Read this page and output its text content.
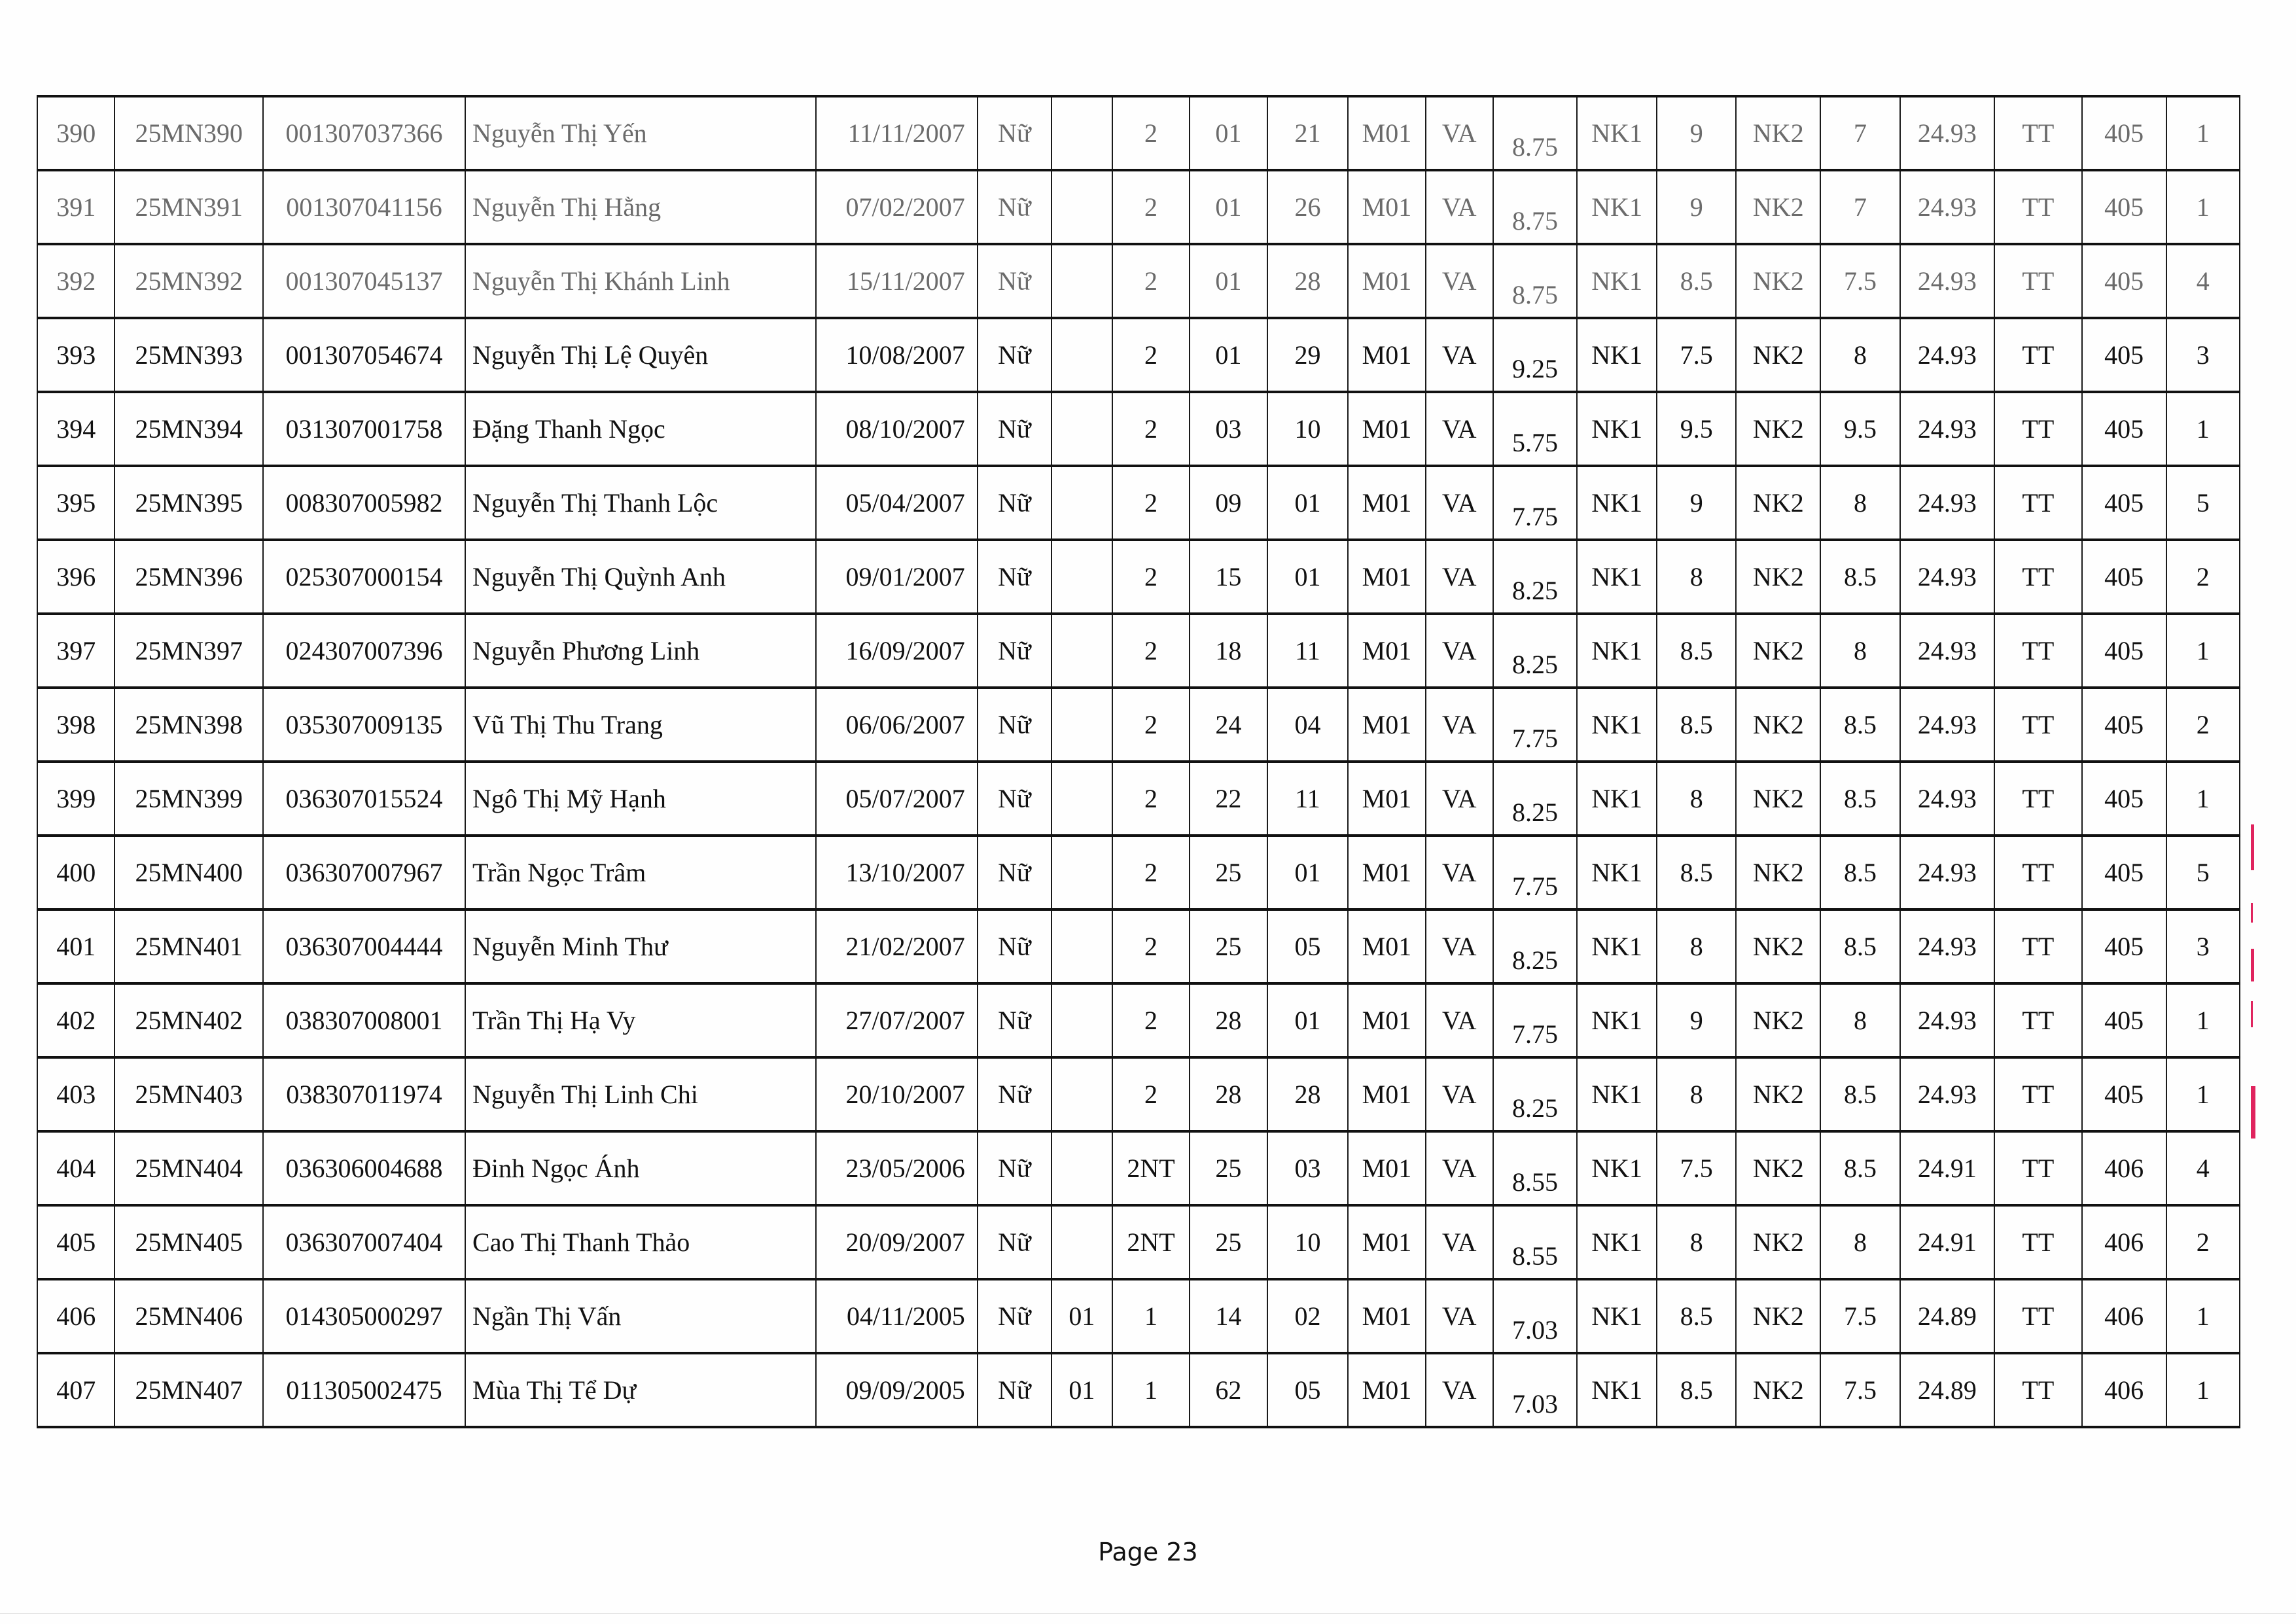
390	25MN390	001307037366	Nguyễn Thị Yến	11/11/2007	Nữ		2	01	21	M01	VA	8.75	NK1	9	NK2	7	24.93	TT	405	1
391	25MN391	001307041156	Nguyễn Thị Hằng	07/02/2007	Nữ		2	01	26	M01	VA	8.75	NK1	9	NK2	7	24.93	TT	405	1
392	25MN392	001307045137	Nguyễn Thị Khánh Linh	15/11/2007	Nữ		2	01	28	M01	VA	8.75	NK1	8.5	NK2	7.5	24.93	TT	405	4
393	25MN393	001307054674	Nguyễn Thị Lệ Quyên	10/08/2007	Nữ		2	01	29	M01	VA	9.25	NK1	7.5	NK2	8	24.93	TT	405	3
394	25MN394	031307001758	Đặng Thanh Ngọc	08/10/2007	Nữ		2	03	10	M01	VA	5.75	NK1	9.5	NK2	9.5	24.93	TT	405	1
395	25MN395	008307005982	Nguyễn Thị Thanh Lộc	05/04/2007	Nữ		2	09	01	M01	VA	7.75	NK1	9	NK2	8	24.93	TT	405	5
396	25MN396	025307000154	Nguyễn Thị Quỳnh Anh	09/01/2007	Nữ		2	15	01	M01	VA	8.25	NK1	8	NK2	8.5	24.93	TT	405	2
397	25MN397	024307007396	Nguyễn Phương Linh	16/09/2007	Nữ		2	18	11	M01	VA	8.25	NK1	8.5	NK2	8	24.93	TT	405	1
398	25MN398	035307009135	Vũ Thị Thu Trang	06/06/2007	Nữ		2	24	04	M01	VA	7.75	NK1	8.5	NK2	8.5	24.93	TT	405	2
399	25MN399	036307015524	Ngô Thị Mỹ Hạnh	05/07/2007	Nữ		2	22	11	M01	VA	8.25	NK1	8	NK2	8.5	24.93	TT	405	1
400	25MN400	036307007967	Trần Ngọc Trâm	13/10/2007	Nữ		2	25	01	M01	VA	7.75	NK1	8.5	NK2	8.5	24.93	TT	405	5
401	25MN401	036307004444	Nguyễn Minh Thư	21/02/2007	Nữ		2	25	05	M01	VA	8.25	NK1	8	NK2	8.5	24.93	TT	405	3
402	25MN402	038307008001	Trần Thị Hạ Vy	27/07/2007	Nữ		2	28	01	M01	VA	7.75	NK1	9	NK2	8	24.93	TT	405	1
403	25MN403	038307011974	Nguyễn Thị Linh Chi	20/10/2007	Nữ		2	28	28	M01	VA	8.25	NK1	8	NK2	8.5	24.93	TT	405	1
404	25MN404	036306004688	Đinh Ngọc Ánh	23/05/2006	Nữ		2NT	25	03	M01	VA	8.55	NK1	7.5	NK2	8.5	24.91	TT	406	4
405	25MN405	036307007404	Cao Thị Thanh Thảo	20/09/2007	Nữ		2NT	25	10	M01	VA	8.55	NK1	8	NK2	8	24.91	TT	406	2
406	25MN406	014305000297	Ngần Thị Vấn	04/11/2005	Nữ	01	1	14	02	M01	VA	7.03	NK1	8.5	NK2	7.5	24.89	TT	406	1
407	25MN407	011305002475	Mùa Thị Tể Dự	09/09/2005	Nữ	01	1	62	05	M01	VA	7.03	NK1	8.5	NK2	7.5	24.89	TT	406	1
Page 23
